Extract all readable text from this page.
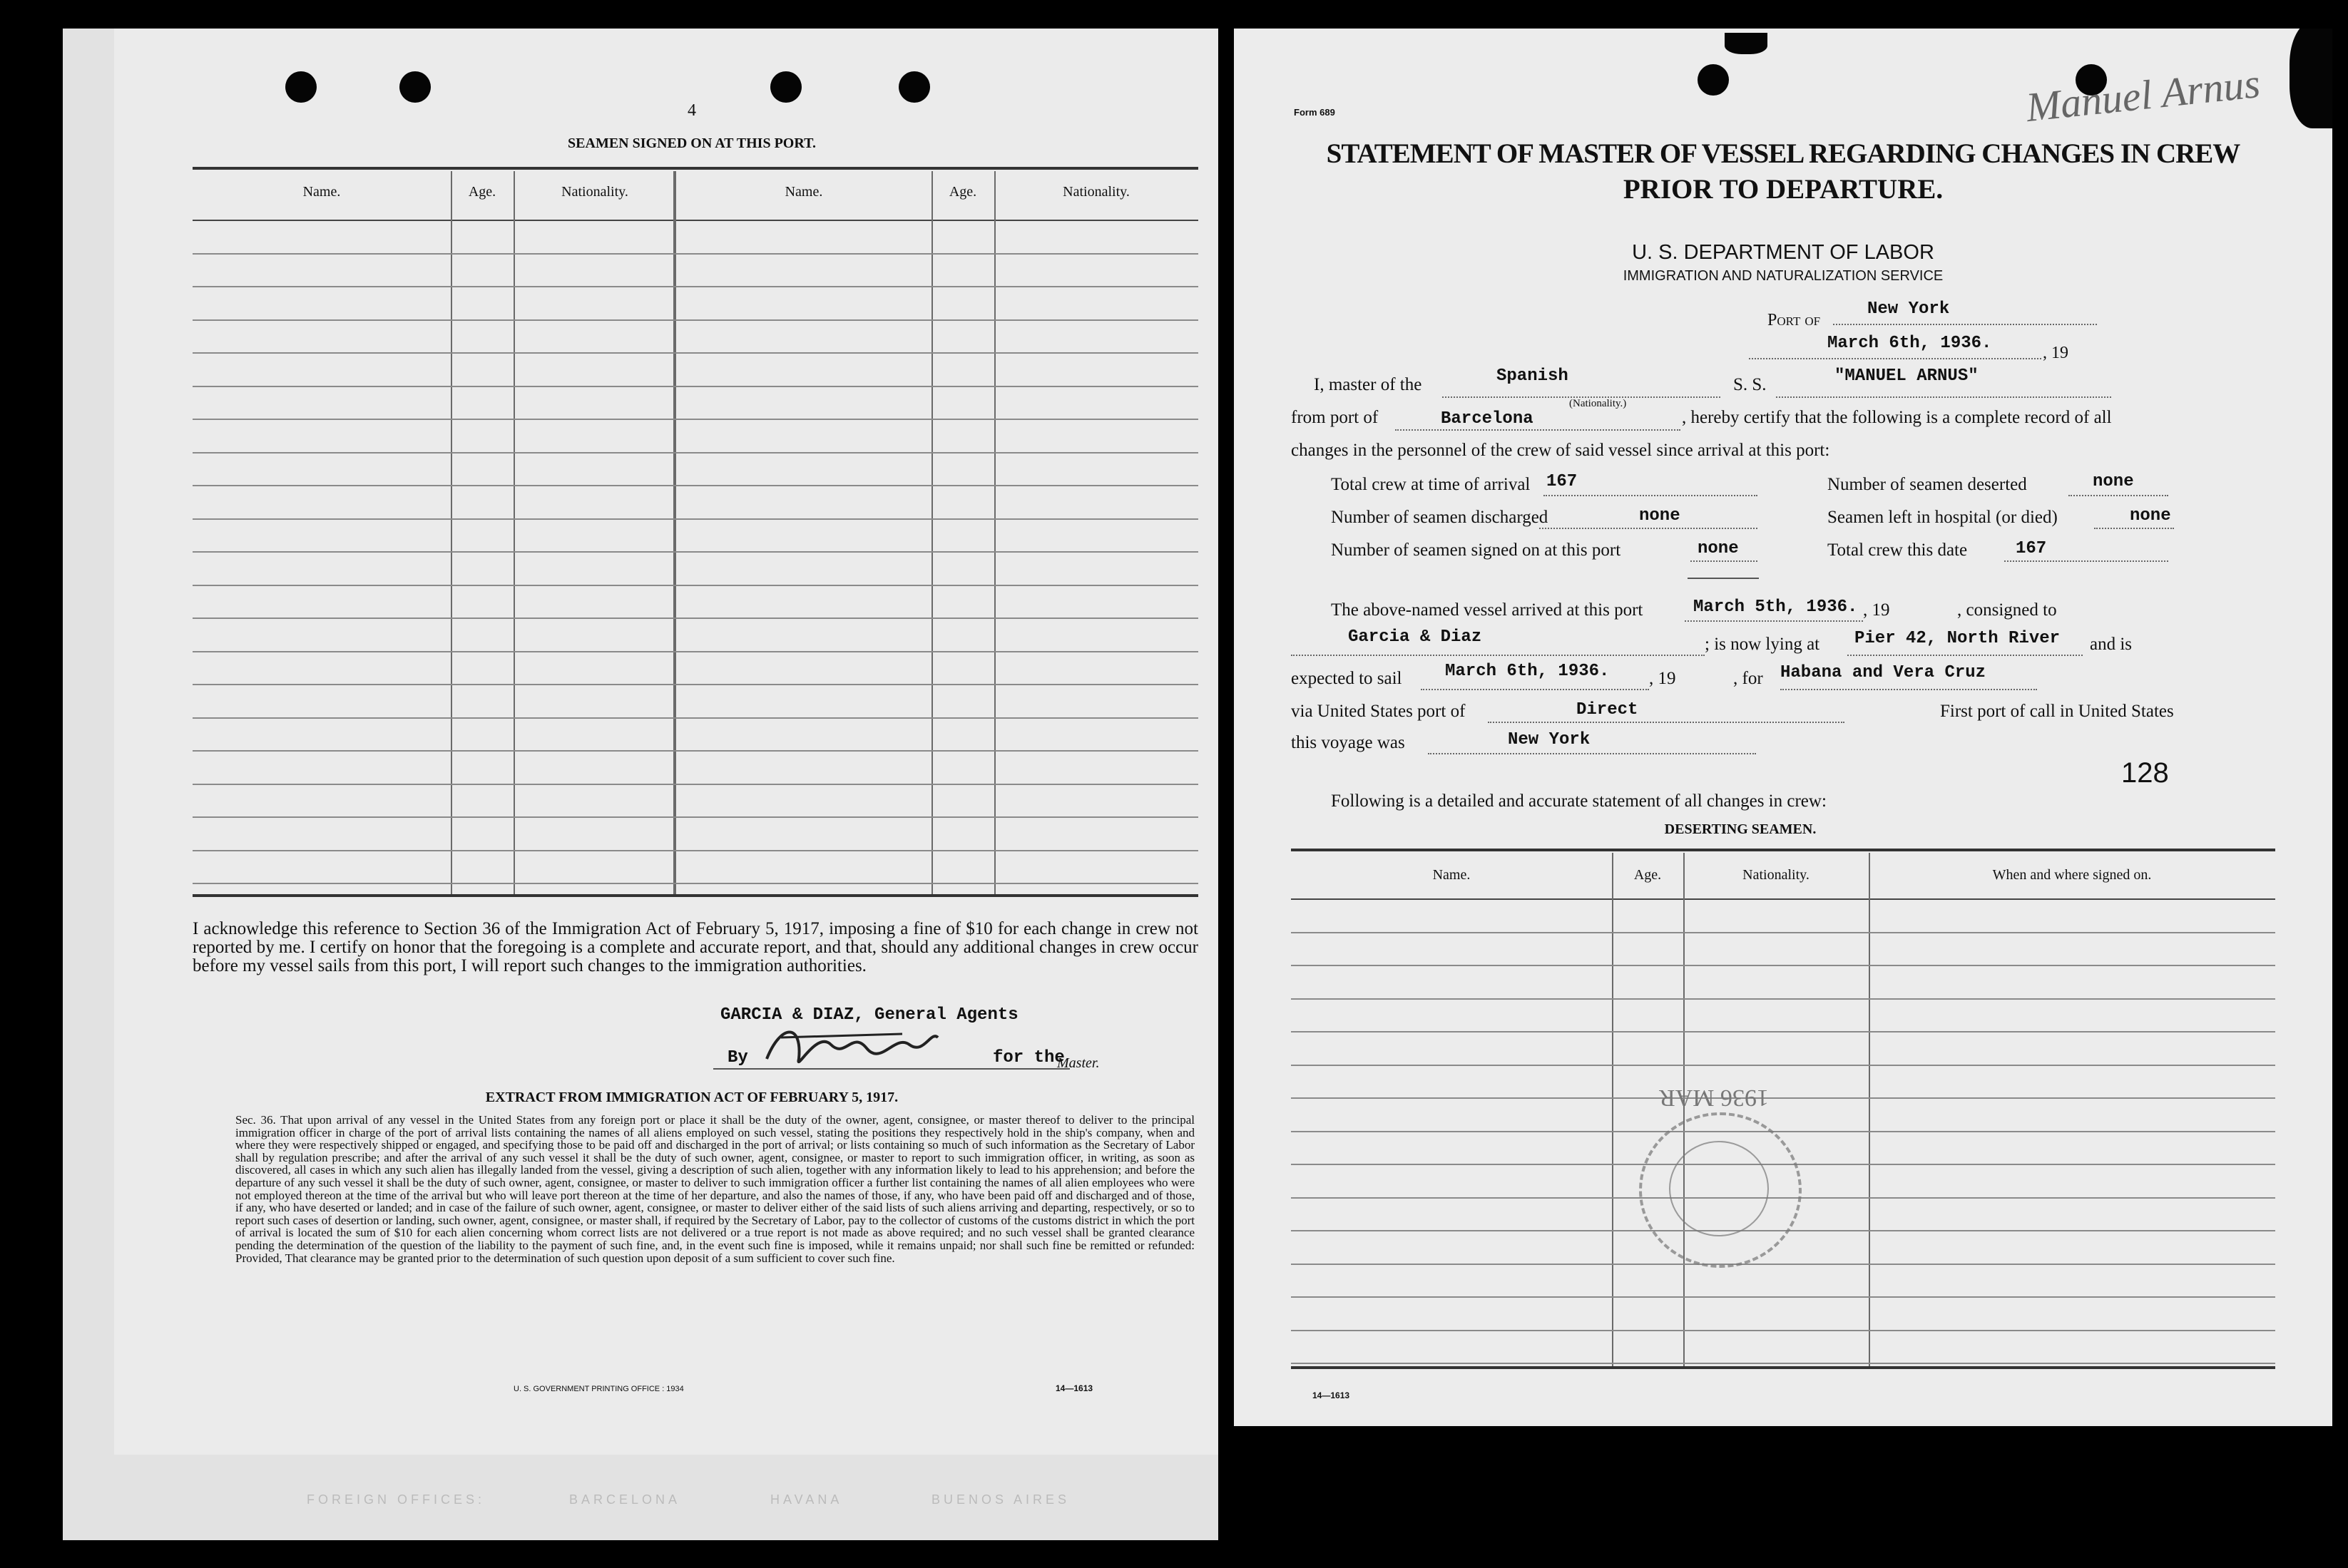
4
SEAMEN SIGNED ON AT THIS PORT.
Name.	Age.	Nationality.	Name.	Age.	Nationality.
I acknowledge this reference to Section 36 of the Immigration Act of February 5, 1917, imposing a fine of $10 for each change in crew not reported by me. I certify on honor that the foregoing is a complete and accurate report, and that, should any additional changes in crew occur before my vessel sails from this port, I will report such changes to the immigration authorities.
GARCIA & DIAZ, General Agents
By	for the
Master.
EXTRACT FROM IMMIGRATION ACT OF FEBRUARY 5, 1917.
Sec. 36. That upon arrival of any vessel in the United States from any foreign port or place it shall be the duty of the owner, agent, consignee, or master thereof to deliver to the principal immigration officer in charge of the port of arrival lists containing the names of all aliens employed on such vessel, stating the positions they respectively hold in the ship's company, when and where they were respectively shipped or engaged, and specifying those to be paid off and discharged in the port of arrival; or lists containing so much of such information as the Secretary of Labor shall by regulation prescribe; and after the arrival of any such vessel it shall be the duty of such owner, agent, consignee, or master to report to such immigration officer, in writing, as soon as discovered, all cases in which any such alien has illegally landed from the vessel, giving a description of such alien, together with any information likely to lead to his apprehension; and before the departure of any such vessel it shall be the duty of such owner, agent, consignee, or master to deliver to such immigration officer a further list containing the names of all alien employees who were not employed thereon at the time of the arrival but who will leave port thereon at the time of her departure, and also the names of those, if any, who have been paid off and discharged and of those, if any, who have deserted or landed; and in case of the failure of such owner, agent, consignee, or master to deliver either of the said lists of such aliens arriving and departing, respectively, or so to report such cases of desertion or landing, such owner, agent, consignee, or master shall, if required by the Secretary of Labor, pay to the collector of customs of the customs district in which the port of arrival is located the sum of $10 for each alien concerning whom correct lists are not delivered or a true report is not made as above required; and no such vessel shall be granted clearance pending the determination of the question of the liability to the payment of such fine, and, in the event such fine is imposed, while it remains unpaid; nor shall such fine be remitted or refunded: Provided, That clearance may be granted prior to the determination of such question upon deposit of a sum sufficient to cover such fine.
U. S. GOVERNMENT PRINTING OFFICE : 1934	14—1613
FOREIGN OFFICES:	BARCELONA	HAVANA	BUENOS AIRES
Form 689	Manuel Arnus
STATEMENT OF MASTER OF VESSEL REGARDING CHANGES IN CREW
PRIOR TO DEPARTURE.
U. S. DEPARTMENT OF LABOR
IMMIGRATION AND NATURALIZATION SERVICE
Port of
New York
March 6th, 1936.	, 19
I, master of the	Spanish
(Nationality.)
S. S.	"MANUEL ARNUS"
from port of	Barcelona	, hereby certify that the following is a complete record of all
changes in the personnel of the crew of said vessel since arrival at this port:
Total crew at time of arrival 167	Number of seamen deserted	none
Number of seamen discharged	none	Seamen left in hospital (or died)	none
Number of seamen signed on at this port	none	Total crew this date	167
The above-named vessel arrived at this port	March 5th, 1936. , 19	, consigned to
Garcia & Diaz	; is now lying at Pier 42, North River and is
expected to sail	March 6th, 1936. , 19	, for Habana and Vera Cruz
via United States port of	Direct	First port of call in United States
this voyage was	New York
128
Following is a detailed and accurate statement of all changes in crew:
DESERTING SEAMEN.
Name.	Age.	Nationality.	When and where signed on.
1936 MAR
14—1613
